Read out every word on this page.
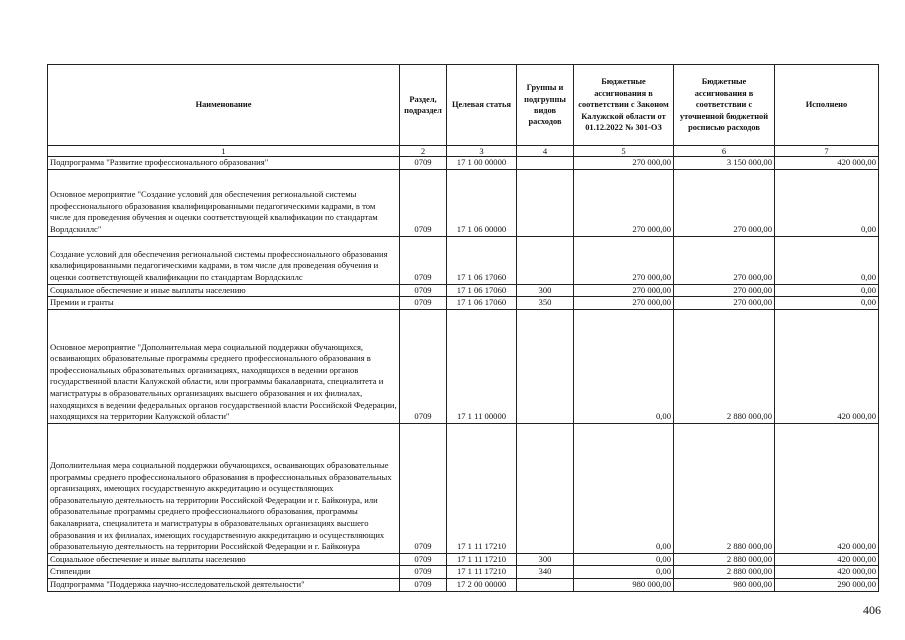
Наименование	Раздел, подраздел	Целевая статья	Группы и подгруппы видов расходов	Бюджетные ассигнования в соответствии с Законом Калужской области от 01.12.2022 № 301-ОЗ	Бюджетные ассигнования в соответствии с уточненной бюджетной росписью расходов	Исполнено
1	2	3	4	5	6	7
Подпрограмма "Развитие профессионального образования"	0709	17 1 00 00000		270 000,00	3 150 000,00	420 000,00
Основное мероприятие "Создание условий для обеспечения региональной системы профессионального образования квалифицированными педагогическими кадрами, в том числе для проведения обучения и оценки соответствующей квалификации по стандартам Ворлдскиллс"	0709	17 1 06 00000		270 000,00	270 000,00	0,00
Создание условий для обеспечения региональной системы профессионального образования квалифицированными педагогическими кадрами, в том числе для проведения обучения и оценки соответствующей квалификации по стандартам Ворлдскиллс	0709	17 1 06 17060		270 000,00	270 000,00	0,00
Социальное обеспечение и иные выплаты населению	0709	17 1 06 17060	300	270 000,00	270 000,00	0,00
Премии и гранты	0709	17 1 06 17060	350	270 000,00	270 000,00	0,00
Основное мероприятие "Дополнительная мера социальной поддержки обучающихся, осваивающих образовательные программы среднего профессионального образования в профессиональных образовательных организациях, находящихся в ведении органов государственной власти Калужской области, или программы бакалавриата, специалитета и магистратуры в образовательных организациях высшего образования и их филиалах, находящихся в ведении федеральных органов государственной власти Российской Федерации, находящихся на территории Калужской области"	0709	17 1 11 00000		0,00	2 880 000,00	420 000,00
Дополнительная мера социальной поддержки обучающихся, осваивающих образовательные программы среднего профессионального образования в профессиональных образовательных организациях, имеющих государственную аккредитацию и осуществляющих образовательную деятельность на территории Российской Федерации и г. Байконура, или образовательные программы среднего профессионального образования, программы бакалавриата, специалитета и магистратуры в образовательных организациях высшего образования и их филиалах, имеющих государственную аккредитацию и осуществляющих образовательную деятельность на территории Российской Федерации и г. Байконура	0709	17 1 11 17210		0,00	2 880 000,00	420 000,00
Социальное обеспечение и иные выплаты населению	0709	17 1 11 17210	300	0,00	2 880 000,00	420 000,00
Стипендии	0709	17 1 11 17210	340	0,00	2 880 000,00	420 000,00
Подпрограмма "Поддержка научно-исследовательской деятельности"	0709	17 2 00 00000		980 000,00	980 000,00	290 000,00
406
